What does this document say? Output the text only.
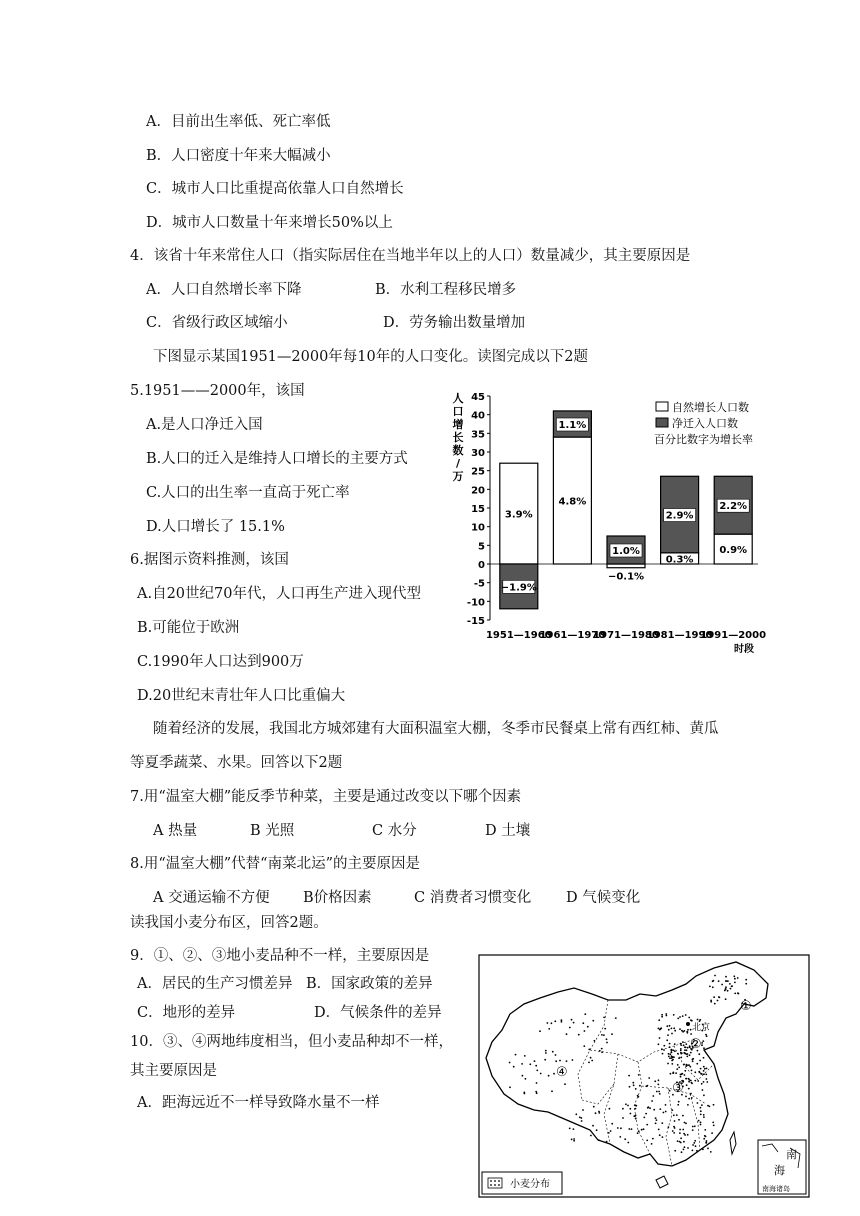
A．目前出生率低、死亡率低
B．人口密度十年来大幅减小
C．城市人口比重提高依靠人口自然增长
D．城市人口数量十年来增长50%以上
4．该省十年来常住人口（指实际居住在当地半年以上的人口）数量减少，其主要原因是
A．人口自然增长率下降	B．水利工程移民增多
C．省级行政区域缩小	D．劳务输出数量增加
下图显示某国1951—2000年每10年的人口变化。读图完成以下2题
5.1951——2000年，该国
A.是人口净迁入国
B.人口的迁入是维持人口增长的主要方式
C.人口的出生率一直高于死亡率
D.人口增长了 15.1%
6.据图示资料推测，该国
A.自20世纪70年代，人口再生产进入现代型
B.可能位于欧洲
C.1990年人口达到900万
D.20世纪末青壮年人口比重偏大
随着经济的发展，我国北方城郊建有大面积温室大棚，冬季市民餐桌上常有西红柿、黄瓜
等夏季蔬菜、水果。回答以下2题
7.用“温室大棚”能反季节种菜，主要是通过改变以下哪个因素
A 热量	B 光照	C 水分	D 土壤
8.用“温室大棚”代替“南菜北运”的主要原因是
A 交通运输不方便 B价格因素	C 消费者习惯变化 D 气候变化
读我国小麦分布区，回答2题。
9．①、②、③地小麦品种不一样，主要原因是
A．居民的生产习惯差异 B．国家政策的差异
C．地形的差异	D．气候条件的差异
10．③、④两地纬度相当，但小麦品种却不一样，
其主要原因是
A．距海远近不一样导致降水量不一样
自然增长人口数
净迁入人口数
百分比数字为增长率
-15
-10
-5
0
5
10
15
20
25
30
35
40
45
人
口
增
长
数
/
万
3.9%
−1.9%
1951—1960
4.8%
1.1%
1961—1970
−0.1%
1.0%
1971—1980
0.3%
2.9%
1981—1990
0.9%
2.2%
1991—2000
时段
北京
①
②
③
④
南
海
南海诸岛
小麦分布
